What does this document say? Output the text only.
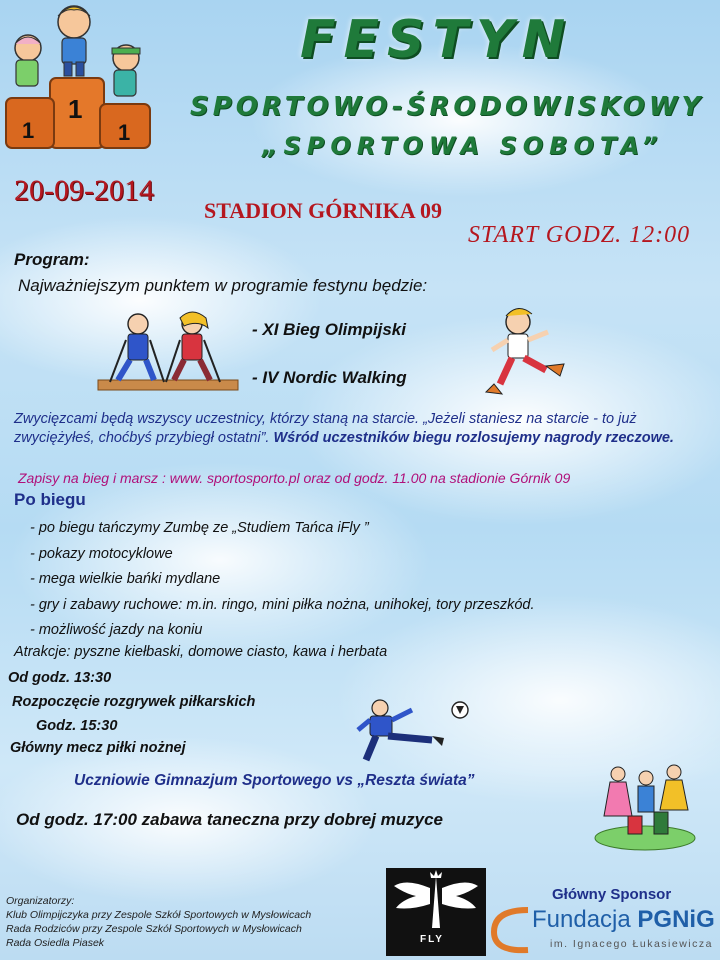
1
1	1
FESTYN
SPORTOWO-ŚRODOWISKOWY
„SPORTOWA SOBOTA”
20-09-2014
STADION GÓRNIKA 09
START GODZ. 12:00
Program:
Najważniejszym punktem w programie festynu będzie:
- XI Bieg Olimpijski
- IV Nordic Walking
Zwycięzcami będą wszyscy uczestnicy, którzy staną na starcie. „Jeżeli staniesz na starcie - to już zwyciężyłeś, choćbyś przybiegł ostatni”. Wśród uczestników biegu rozlosujemy nagrody rzeczowe.
Zapisy na bieg i marsz : www. sportosporto.pl oraz od godz. 11.00 na stadionie Górnik 09
Po biegu
- po biegu tańczymy Zumbę ze „Studiem Tańca iFly ”
- pokazy motocyklowe
- mega wielkie bańki mydlane
- gry i zabawy ruchowe: m.in. ringo, mini piłka nożna, unihokej, tory przeszkód.
- możliwość jazdy na koniu
Atrakcje: pyszne kiełbaski, domowe ciasto, kawa i herbata
Od godz. 13:30
Rozpoczęcie rozgrywek piłkarskich
Godz. 15:30
Główny mecz piłki nożnej
Uczniowie Gimnazjum Sportowego vs „Reszta świata”
Od godz. 17:00 zabawa taneczna przy dobrej muzyce
Organizatorzy:
Klub Olimpijczyka przy Zespole Szkół Sportowych w Mysłowicach
Rada Rodziców przy Zespole Szkół Sportowych w Mysłowicach
Rada Osiedla Piasek	FLY
Główny Sponsor
Fundacja PGNiG
im. Ignacego Łukasiewicza
